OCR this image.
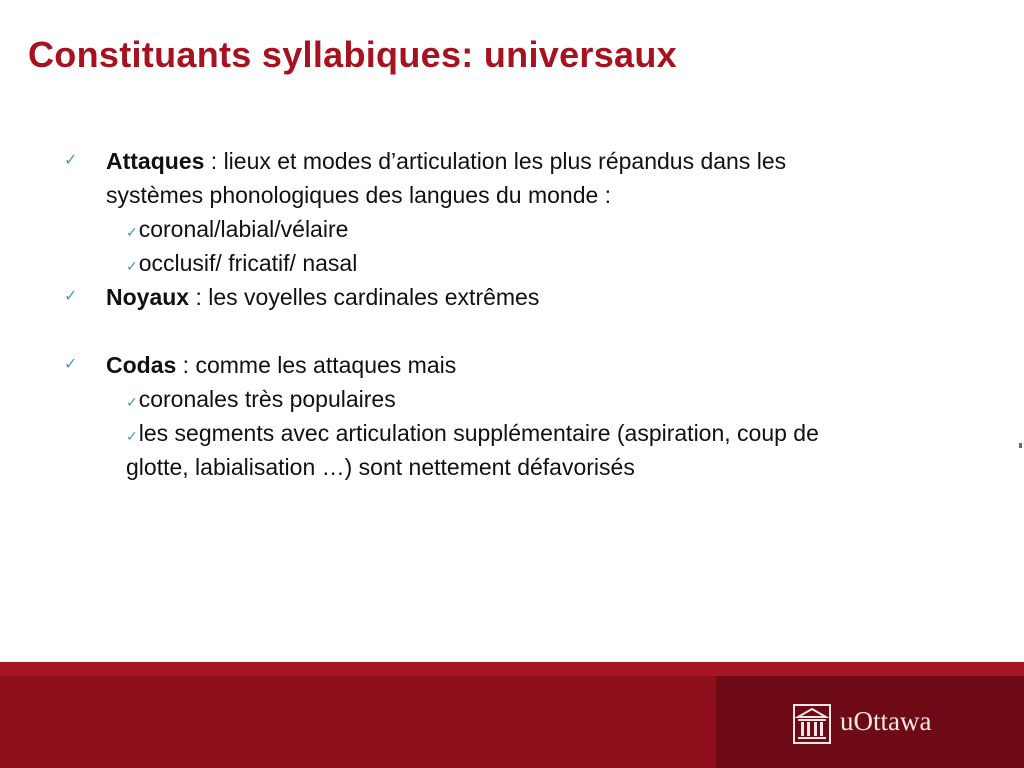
Constituants syllabiques: universaux
✓ Attaques : lieux et modes d’articulation les plus répandus dans les
systèmes phonologiques des langues du monde :
✓coronal/labial/vélaire
✓occlusif/ fricatif/ nasal
✓ Noyaux : les voyelles cardinales extrêmes
✓ Codas : comme les attaques mais
✓coronales très populaires
✓les segments avec articulation supplémentaire (aspiration, coup de
glotte, labialisation …) sont nettement défavorisés
uOttawa
